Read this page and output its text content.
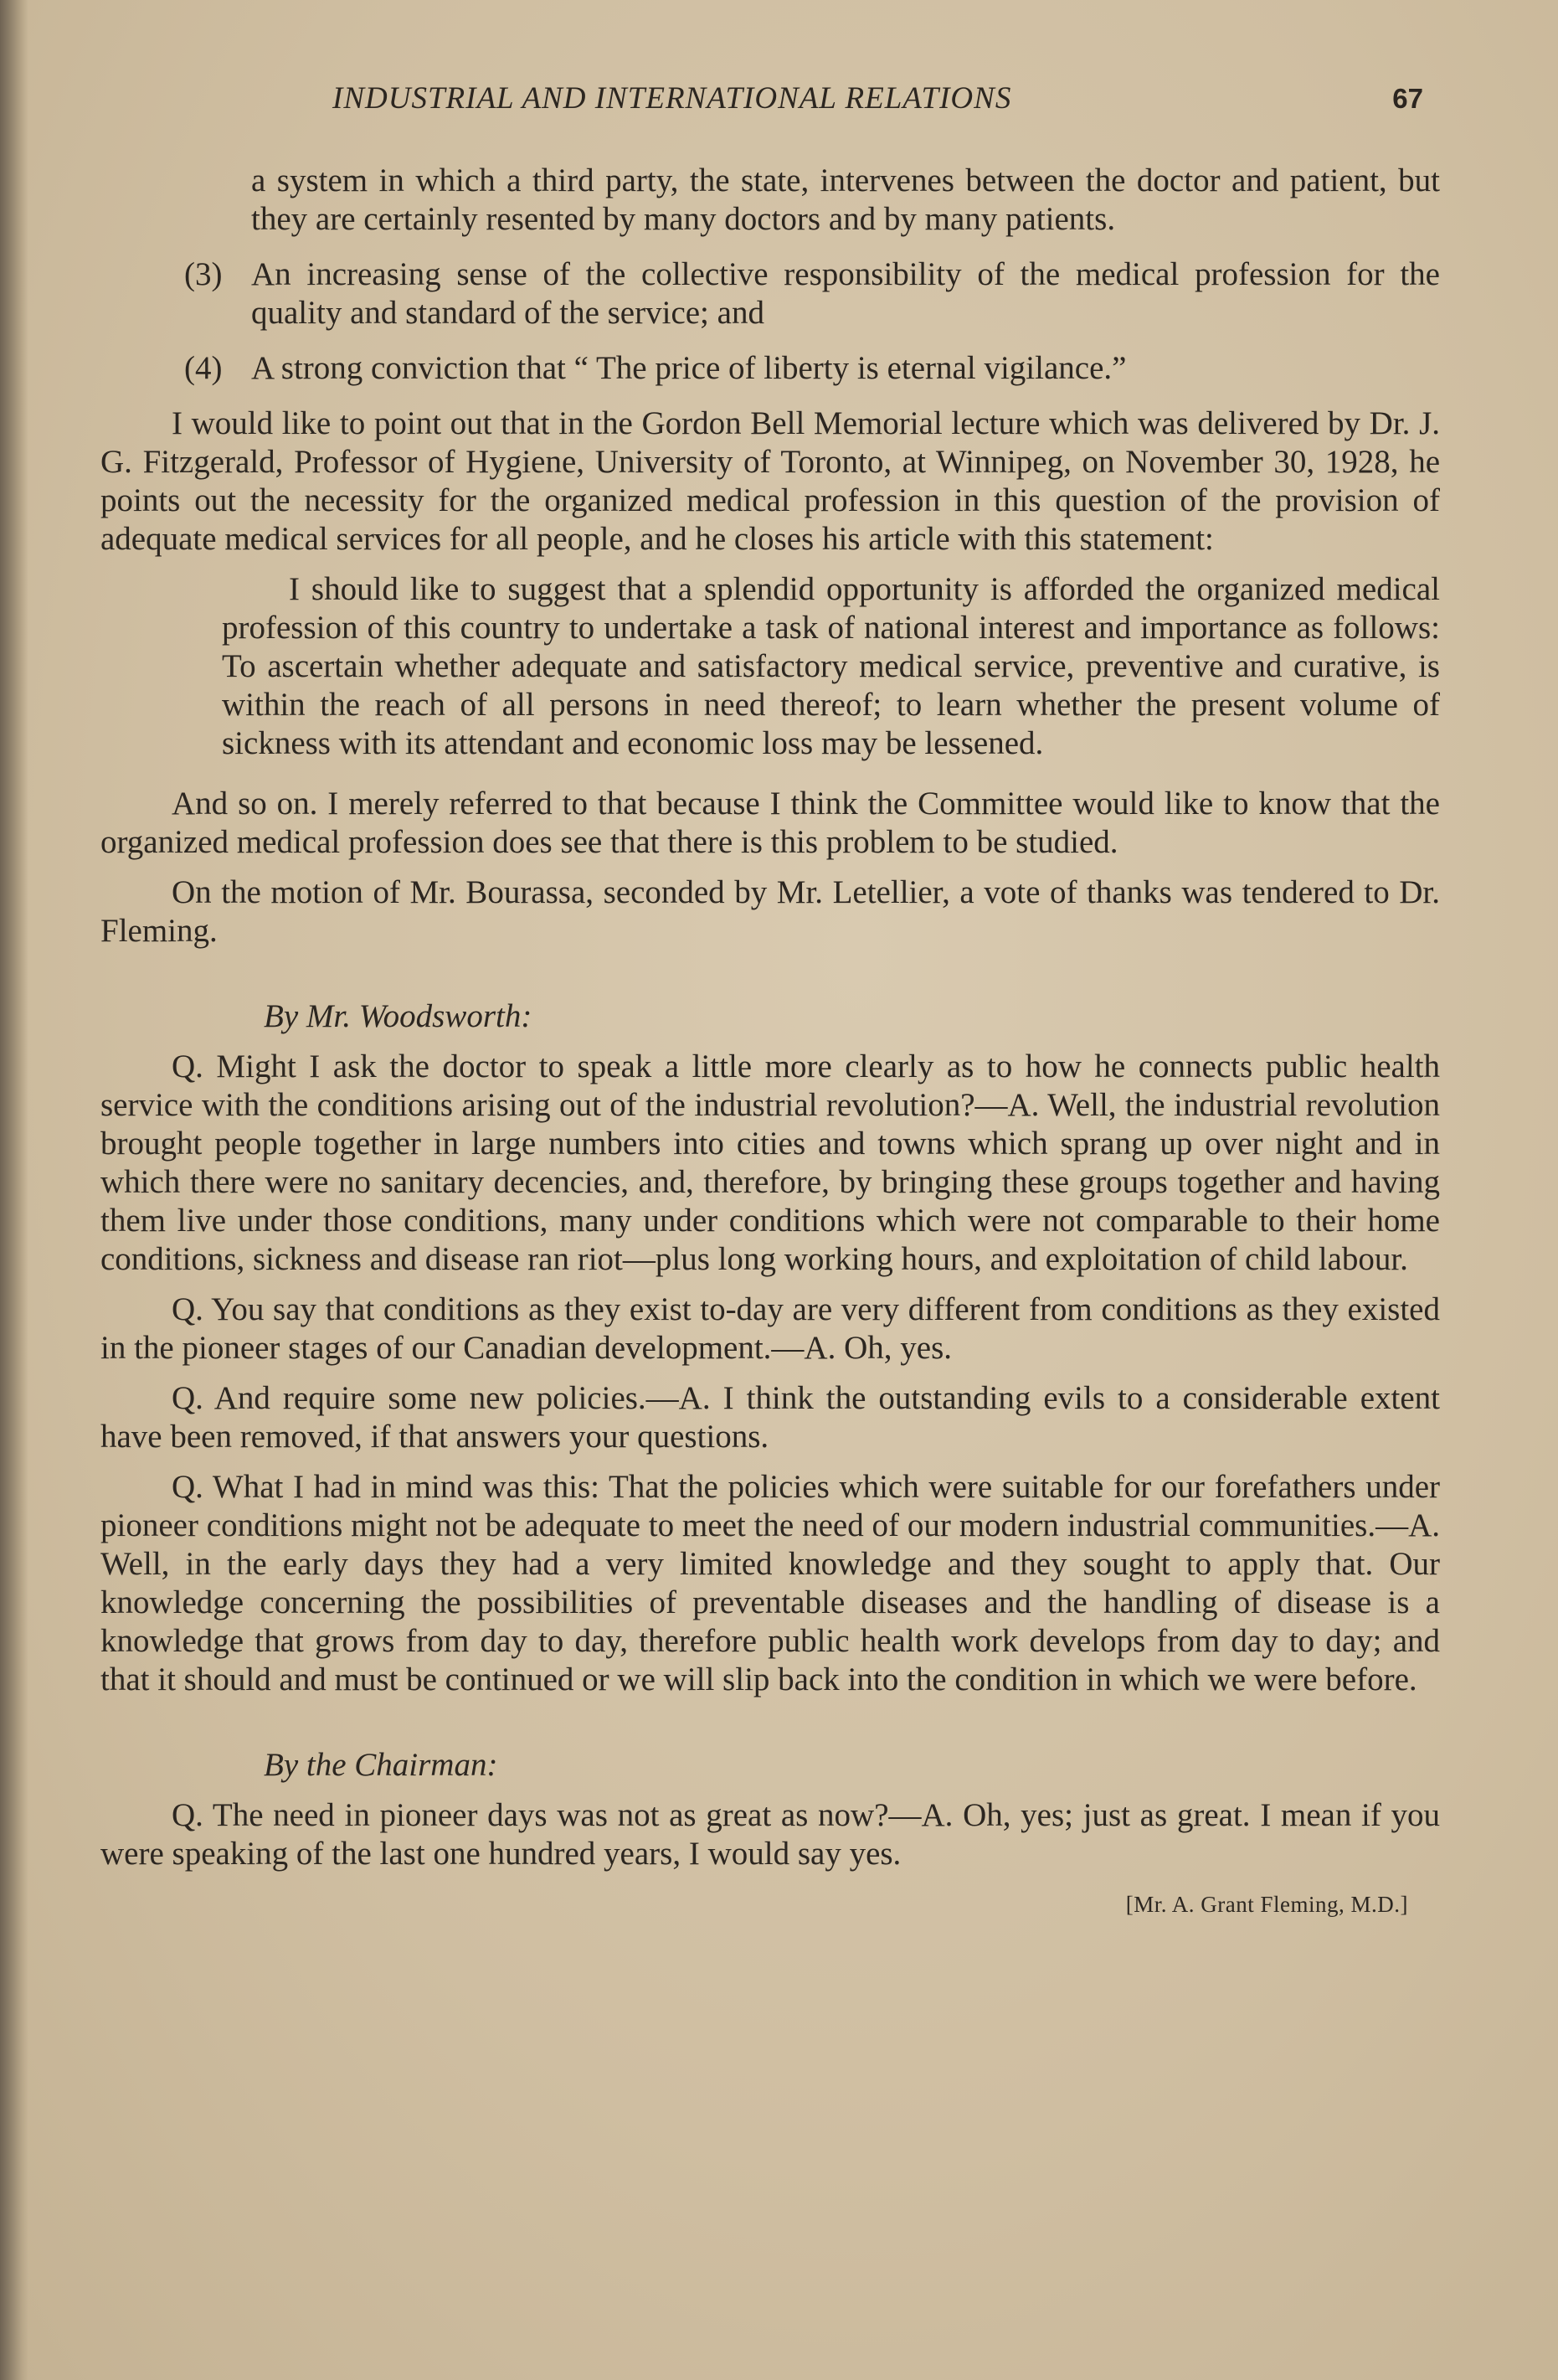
INDUSTRIAL AND INTERNATIONAL RELATIONS	67

a system in which a third party, the state, intervenes between the doctor and patient, but they are certainly resented by many doctors and by many patients.

(3) An increasing sense of the collective responsibility of the medical profession for the quality and standard of the service; and
(4) A strong conviction that “ The price of liberty is eternal vigilance.”

I would like to point out that in the Gordon Bell Memorial lecture which was delivered by Dr. J. G. Fitzgerald, Professor of Hygiene, University of Toronto, at Winnipeg, on November 30, 1928, he points out the necessity for the organized medical profession in this question of the provision of adequate medical services for all people, and he closes his article with this statement:

I should like to suggest that a splendid opportunity is afforded the organized medical profession of this country to undertake a task of national interest and importance as follows: To ascertain whether adequate and satisfactory medical service, preventive and curative, is within the reach of all persons in need thereof; to learn whether the present volume of sickness with its attendant and economic loss may be lessened.

And so on. I merely referred to that because I think the Committee would like to know that the organized medical profession does see that there is this problem to be studied.

On the motion of Mr. Bourassa, seconded by Mr. Letellier, a vote of thanks was tendered to Dr. Fleming.

By Mr. Woodsworth:

Q. Might I ask the doctor to speak a little more clearly as to how he connects public health service with the conditions arising out of the industrial revolution?—A. Well, the industrial revolution brought people together in large numbers into cities and towns which sprang up over night and in which there were no sanitary decencies, and, therefore, by bringing these groups together and having them live under those conditions, many under conditions which were not comparable to their home conditions, sickness and disease ran riot—plus long working hours, and exploitation of child labour.

Q. You say that conditions as they exist to-day are very different from conditions as they existed in the pioneer stages of our Canadian development.—A. Oh, yes.

Q. And require some new policies.—A. I think the outstanding evils to a considerable extent have been removed, if that answers your questions.

Q. What I had in mind was this: That the policies which were suitable for our forefathers under pioneer conditions might not be adequate to meet the need of our modern industrial communities.—A. Well, in the early days they had a very limited knowledge and they sought to apply that. Our knowledge concerning the possibilities of preventable diseases and the handling of disease is a knowledge that grows from day to day, therefore public health work develops from day to day; and that it should and must be continued or we will slip back into the condition in which we were before.

By the Chairman:

Q. The need in pioneer days was not as great as now?—A. Oh, yes; just as great. I mean if you were speaking of the last one hundred years, I would say yes.

[Mr. A. Grant Fleming, M.D.]
